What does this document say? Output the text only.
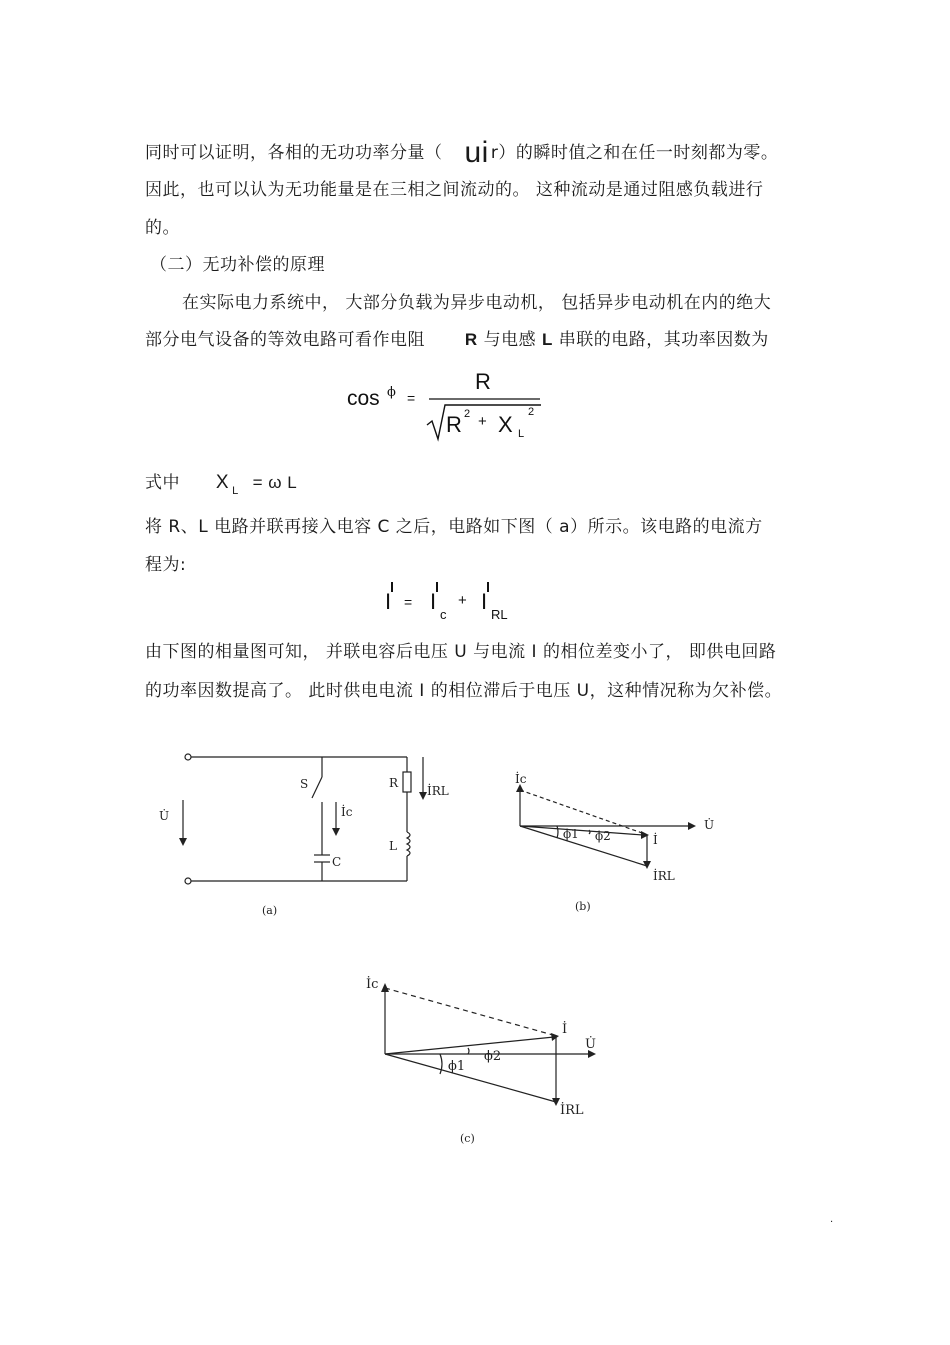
同时可以证明，各相的无功功率分量（ ui r）的瞬时值之和在任一时刻都为零。
因此，也可以认为无功能量是在三相之间流动的。 这种流动是通过阻感负载进行
的。
（二）无功补偿的原理
在实际电力系统中， 大部分负载为异步电动机， 包括异步电动机在内的绝大
部分电气设备的等效电路可看作电阻 R 与电感 L 串联的电路，其功率因数为
cos ϕ =
R
R 2 + X L
2
式中 X $_L$ = ω L
将 R、L 电路并联再接入电容 C 之后，电路如下图（ a）所示。该电路的电流方
程为:
I = I
c
+ I
RL
由下图的相量图可知， 并联电容后电压 U 与电流 I 的相位差变小了， 即供电回路
的功率因数提高了。 此时供电电流 I 的相位滞后于电压 U，这种情况称为欠补偿。
U̇
S
İc
R
İRL
L
C
(a)
İc
U̇
ϕ1 ϕ2	İ
İRL
(b)
İc
İ
U̇
ϕ1
ϕ2
İRL
(c)
.
